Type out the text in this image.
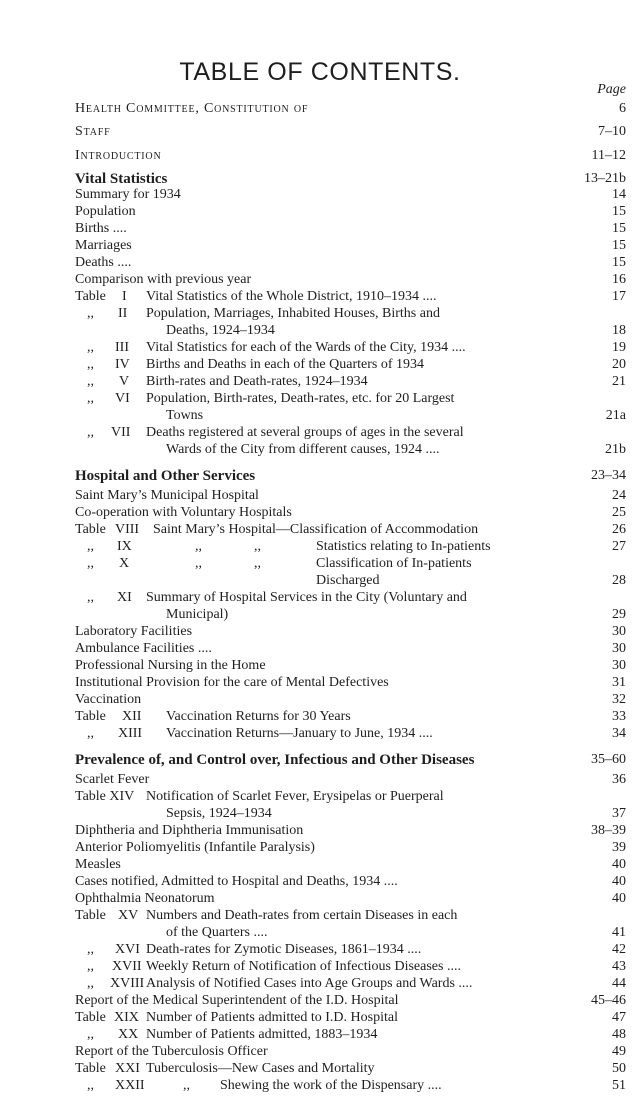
TABLE OF CONTENTS.
Page
Health Committee, Constitution of	6
Staff	7–10
Introduction	11–12
Vital Statistics	13–21b
Summary for 1934	14
Population	15
Births ....	15
Marriages	15
Deaths ....	15
Comparison with previous year	16
Table I Vital Statistics of the Whole District, 1910–1934 ....	17
,, II Population, Marriages, Inhabited Houses, Births and
Deaths, 1924–1934	18
,, III Vital Statistics for each of the Wards of the City, 1934 ....	19
,, IV Births and Deaths in each of the Quarters of 1934	20
,, V Birth-rates and Death-rates, 1924–1934	21
,, VI Population, Birth-rates, Death-rates, etc. for 20 Largest
Towns	21a
,, VII Deaths registered at several groups of ages in the several
Wards of the City from different causes, 1924 ....	21b
Hospital and Other Services	23–34
Saint Mary’s Municipal Hospital	24
Co-operation with Voluntary Hospitals	25
Table VIII Saint Mary’s Hospital—Classification of Accommodation	26
,, IX	,,	,,	Statistics relating to In-patients	27
,, X	,,	,,	Classification of In-patients
Discharged	28
,, XI Summary of Hospital Services in the City (Voluntary and
Municipal)	29
Laboratory Facilities	30
Ambulance Facilities ....	30
Professional Nursing in the Home	30
Institutional Provision for the care of Mental Defectives	31
Vaccination	32
Table XII Vaccination Returns for 30 Years	33
,, XIII Vaccination Returns—January to June, 1934 ....	34
Prevalence of, and Control over, Infectious and Other Diseases	35–60
Scarlet Fever	36
Table XIV Notification of Scarlet Fever, Erysipelas or Puerperal
Sepsis, 1924–1934	37
Diphtheria and Diphtheria Immunisation	38–39
Anterior Poliomyelitis (Infantile Paralysis)	39
Measles	40
Cases notified, Admitted to Hospital and Deaths, 1934 ....	40
Ophthalmia Neonatorum	40
Table XV Numbers and Death-rates from certain Diseases in each
of the Quarters ....	41
,, XVI Death-rates for Zymotic Diseases, 1861–1934 ....	42
,, XVII Weekly Return of Notification of Infectious Diseases ....	43
,, XVIII Analysis of Notified Cases into Age Groups and Wards ....	44
Report of the Medical Superintendent of the I.D. Hospital	45–46
Table XIX Number of Patients admitted to I.D. Hospital	47
,, XX Number of Patients admitted, 1883–1934	48
Report of the Tuberculosis Officer	49
Table XXI Tuberculosis—New Cases and Mortality	50
,, XXII	,, Shewing the work of the Dispensary ....	51
